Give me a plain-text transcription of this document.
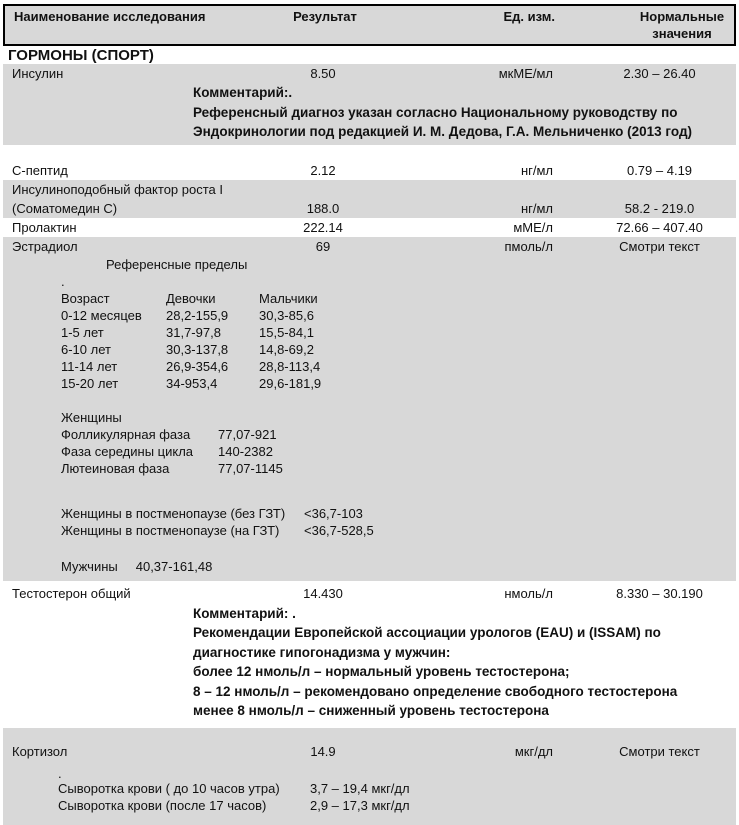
Наименование исследования	Результат	Ед. изм.	Нормальные
значения
ГОРМОНЫ (СПОРТ)
Инсулин	8.50	мкМЕ/мл	2.30 – 26.40
Комментарий:.
Референсный диагноз указан согласно Национальному руководству по
Эндокринологии под редакцией И. М. Дедова, Г.А. Мельниченко (2013 год)
С-пептид	2.12	нг/мл	0.79 – 4.19
Инсулиноподобный фактор роста I
(Соматомедин С)	188.0	нг/мл	58.2 - 219.0
Пролактин	222.14	мМЕ/л	72.66 – 407.40
Эстрадиол	69	пмоль/л	Смотри текст
Референсные пределы
.
Возраст	Девочки	Мальчики
0-12 месяцев	28,2-155,9	30,3-85,6
1-5 лет	31,7-97,8	15,5-84,1
6-10 лет	30,3-137,8	14,8-69,2
11-14 лет	26,9-354,6	28,8-113,4
15-20 лет	34-953,4	29,6-181,9
Женщины
Фолликулярная фаза	77,07-921
Фаза середины цикла	140-2382
Лютеиновая фаза	77,07-1145
Женщины в постменопаузе (без ГЗТ)	<36,7-103
Женщины в постменопаузе (на ГЗТ)	<36,7-528,5
Мужчины 40,37-161,48
Тестостерон общий	14.430	нмоль/л	8.330 – 30.190
Комментарий: .
Рекомендации Европейской ассоциации урологов (EAU) и (ISSAM) по
диагностике гипогонадизма у мужчин:
более 12 нмоль/л – нормальный уровень тестостерона;
8 – 12 нмоль/л – рекомендовано определение свободного тестостерона
менее 8 нмоль/л – сниженный уровень тестостерона
Кортизол	14.9	мкг/дл	Смотри текст
.
Сыворотка крови ( до 10 часов утра)	3,7 – 19,4 мкг/дл
Сыворотка крови (после 17 часов)	2,9 – 17,3 мкг/дл
